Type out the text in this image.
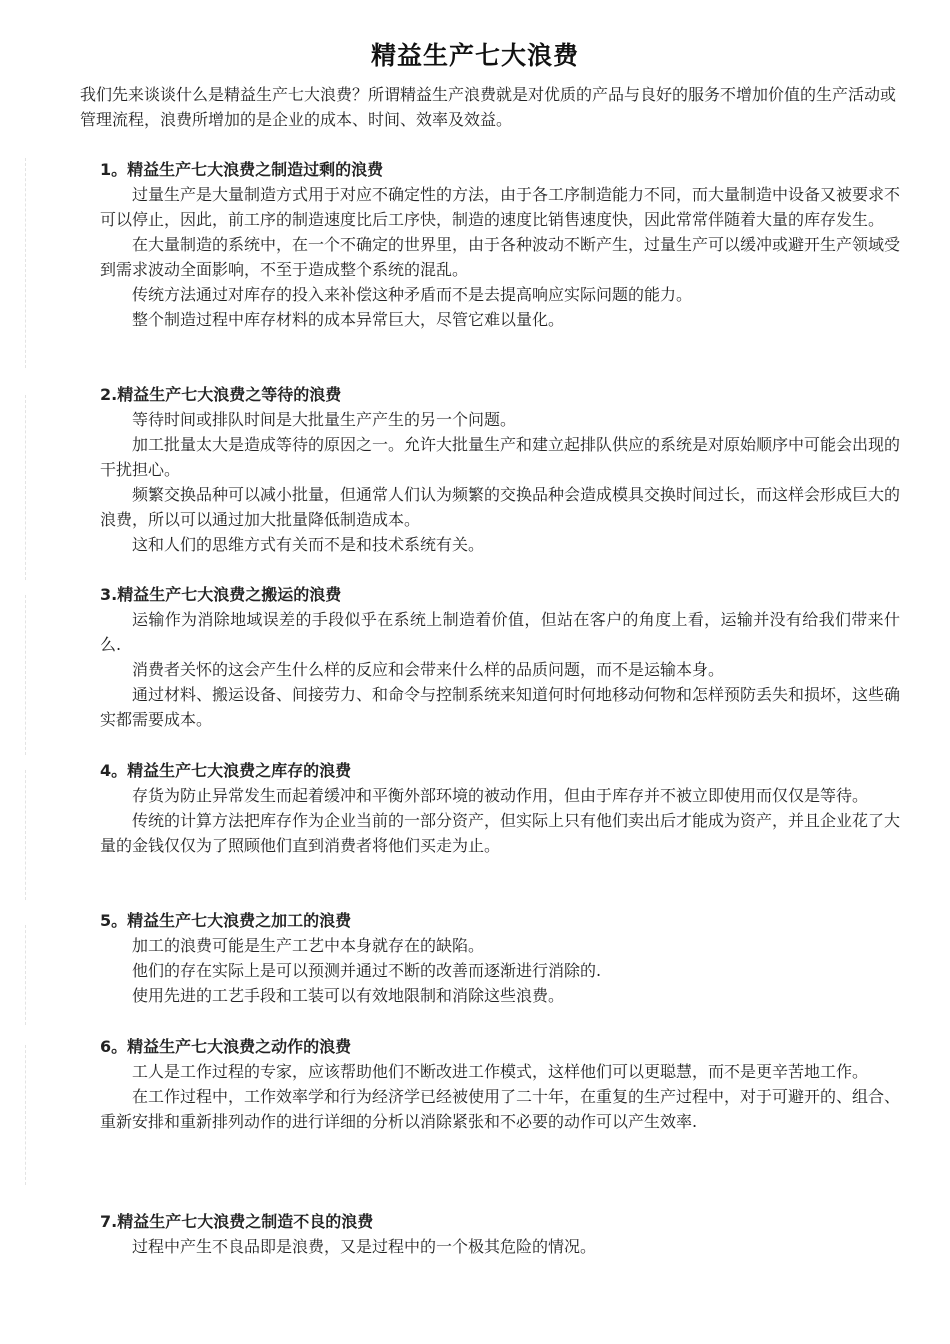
精益生产七大浪费

我们先来谈谈什么是精益生产七大浪费？所谓精益生产浪费就是对优质的产品与良好的服务不增加价值的生产活动或管理流程，浪费所增加的是企业的成本、时间、效率及效益。

1。精益生产七大浪费之制造过剩的浪费

过量生产是大量制造方式用于对应不确定性的方法，由于各工序制造能力不同，而大量制造中设备又被要求不可以停止，因此，前工序的制造速度比后工序快，制造的速度比销售速度快，因此常常伴随着大量的库存发生。

在大量制造的系统中，在一个不确定的世界里，由于各种波动不断产生，过量生产可以缓冲或避开生产领域受到需求波动全面影响，不至于造成整个系统的混乱。

传统方法通过对库存的投入来补偿这种矛盾而不是去提高响应实际问题的能力。

整个制造过程中库存材料的成本异常巨大，尽管它难以量化。

2.精益生产七大浪费之等待的浪费

等待时间或排队时间是大批量生产产生的另一个问题。

加工批量太大是造成等待的原因之一。允许大批量生产和建立起排队供应的系统是对原始顺序中可能会出现的干扰担心。

频繁交换品种可以减小批量，但通常人们认为频繁的交换品种会造成模具交换时间过长，而这样会形成巨大的浪费，所以可以通过加大批量降低制造成本。

这和人们的思维方式有关而不是和技术系统有关。

3.精益生产七大浪费之搬运的浪费

运输作为消除地域误差的手段似乎在系统上制造着价值，但站在客户的角度上看，运输并没有给我们带来什么.

消费者关怀的这会产生什么样的反应和会带来什么样的品质问题，而不是运输本身。

通过材料、搬运设备、间接劳力、和命令与控制系统来知道何时何地移动何物和怎样预防丢失和损坏，这些确实都需要成本。

4。精益生产七大浪费之库存的浪费

存货为防止异常发生而起着缓冲和平衡外部环境的被动作用，但由于库存并不被立即使用而仅仅是等待。

传统的计算方法把库存作为企业当前的一部分资产，但实际上只有他们卖出后才能成为资产，并且企业花了大量的金钱仅仅为了照顾他们直到消费者将他们买走为止。

5。精益生产七大浪费之加工的浪费

加工的浪费可能是生产工艺中本身就存在的缺陷。

他们的存在实际上是可以预测并通过不断的改善而逐渐进行消除的.

使用先进的工艺手段和工装可以有效地限制和消除这些浪费。

6。精益生产七大浪费之动作的浪费

工人是工作过程的专家，应该帮助他们不断改进工作模式，这样他们可以更聪慧，而不是更辛苦地工作。

在工作过程中，工作效率学和行为经济学已经被使用了二十年，在重复的生产过程中，对于可避开的、组合、重新安排和重新排列动作的进行详细的分析以消除紧张和不必要的动作可以产生效率.

7.精益生产七大浪费之制造不良的浪费

过程中产生不良品即是浪费，又是过程中的一个极其危险的情况。
